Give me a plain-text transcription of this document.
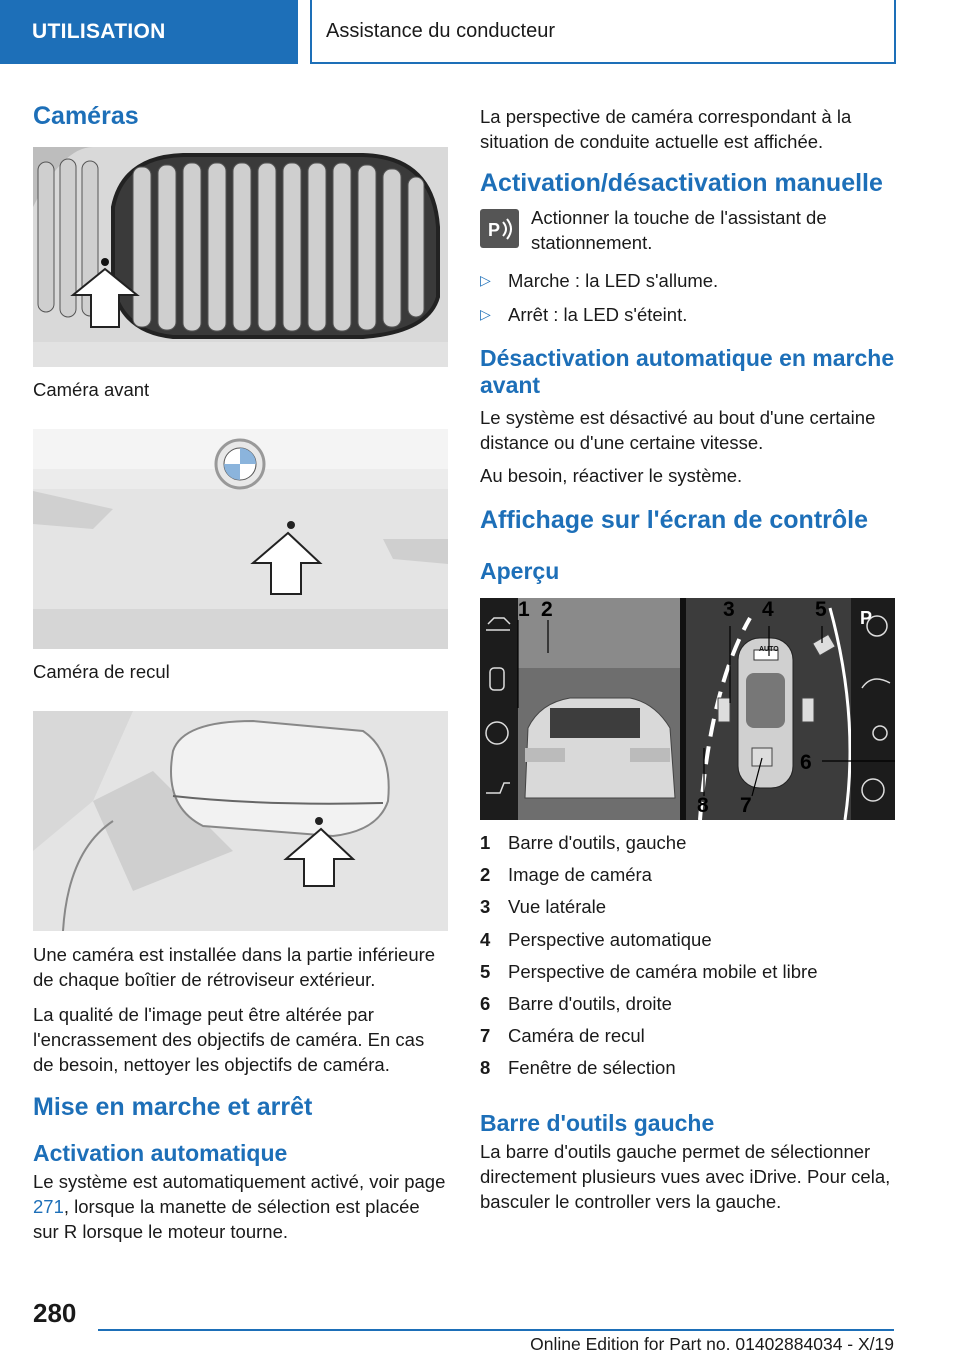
UTILISATION	Assistance du conducteur
Caméras
Caméra avant
Caméra de recul

Une caméra est installée dans la partie inférieure de chaque boîtier de rétroviseur extérieur.

La qualité de l'image peut être altérée par l'encrassement des objectifs de caméra. En cas de besoin, nettoyer les objectifs de caméra.

Mise en marche et arrêt
Activation automatique

Le système est automatiquement activé, voir page 271, lorsque la manette de sélection est placée sur R lorsque le moteur tourne.

La perspective de caméra correspondant à la situation de conduite actuelle est affichée.

Activation/désactivation manuelle
P

Actionner la touche de l'assistant de stationnement.

▷ Marche : la LED s'allume.
▷ Arrêt : la LED s'éteint.
Désactivation automatique en marche avant

Le système est désactivé au bout d'une certaine distance ou d'une certaine vitesse.

Au besoin, réactiver le système.

Affichage sur l'écran de contrôle
Aperçu
P
AUTO
1 2	3 4 5
6
7
8
1 Barre d'outils, gauche
2 Image de caméra
3 Vue latérale
4 Perspective automatique
5 Perspective de caméra mobile et libre
6 Barre d'outils, droite
7 Caméra de recul
8 Fenêtre de sélection
Barre d'outils gauche

La barre d'outils gauche permet de sélectionner directement plusieurs vues avec iDrive. Pour cela, basculer le controller vers la gauche.

280
Online Edition for Part no. 01402884034 - X/19
